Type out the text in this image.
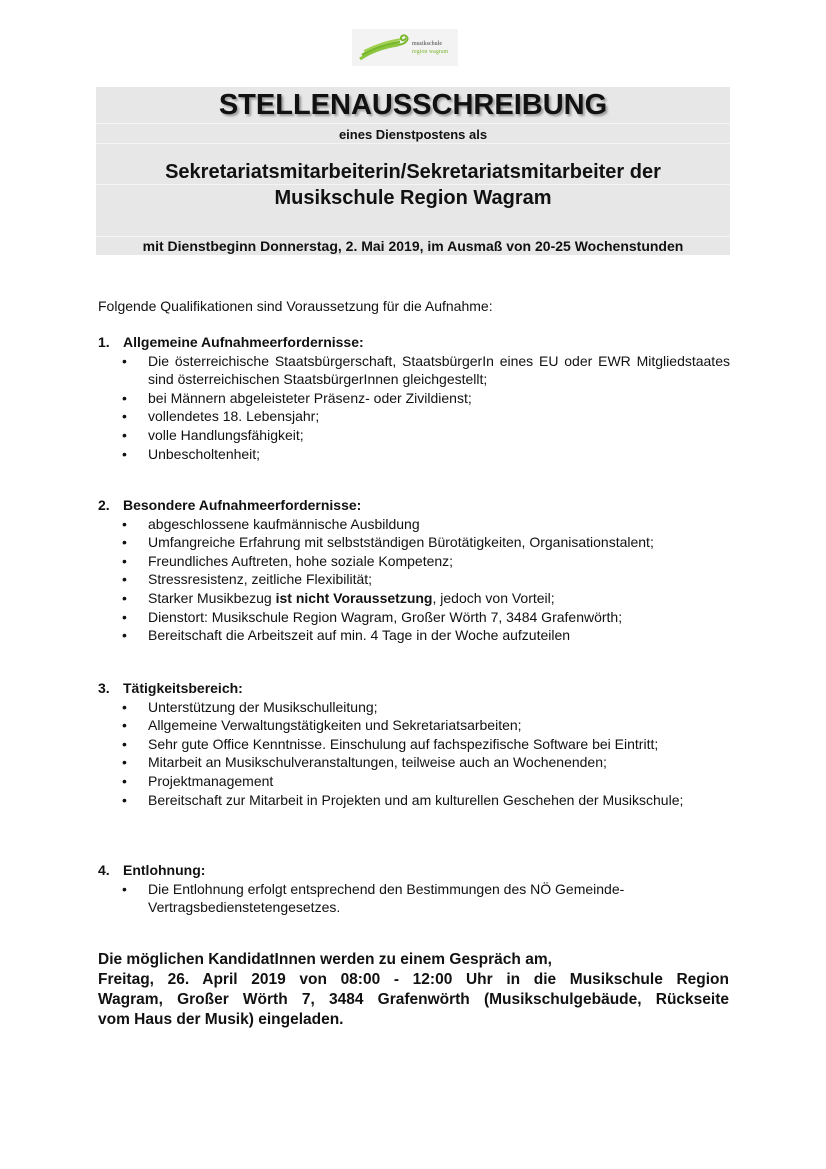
musikschule
region wagram
STELLENAUSSCHREIBUNG
eines Dienstpostens als
Sekretariatsmitarbeiterin/Sekretariatsmitarbeiter der
Musikschule Region Wagram
mit Dienstbeginn Donnerstag, 2. Mai 2019, im Ausmaß von 20-25 Wochenstunden
Folgende Qualifikationen sind Voraussetzung für die Aufnahme:
1. Allgemeine Aufnahmeerfordernisse:
• Die österreichische Staatsbürgerschaft, StaatsbürgerIn eines EU oder EWR Mitgliedstaates sind österreichischen StaatsbürgerInnen gleichgestellt;
• bei Männern abgeleisteter Präsenz- oder Zivildienst;
• vollendetes 18. Lebensjahr;
• volle Handlungsfähigkeit;
• Unbescholtenheit;
2. Besondere Aufnahmeerfordernisse:
• abgeschlossene kaufmännische Ausbildung
• Umfangreiche Erfahrung mit selbstständigen Bürotätigkeiten, Organisationstalent;
• Freundliches Auftreten, hohe soziale Kompetenz;
• Stressresistenz, zeitliche Flexibilität;
• Starker Musikbezug ist nicht Voraussetzung, jedoch von Vorteil;
• Dienstort: Musikschule Region Wagram, Großer Wörth 7, 3484 Grafenwörth;
• Bereitschaft die Arbeitszeit auf min. 4 Tage in der Woche aufzuteilen
3. Tätigkeitsbereich:
• Unterstützung der Musikschulleitung;
• Allgemeine Verwaltungstätigkeiten und Sekretariatsarbeiten;
• Sehr gute Office Kenntnisse. Einschulung auf fachspezifische Software bei Eintritt;
• Mitarbeit an Musikschulveranstaltungen, teilweise auch an Wochenenden;
• Projektmanagement
• Bereitschaft zur Mitarbeit in Projekten und am kulturellen Geschehen der Musikschule;
4. Entlohnung:
• Die Entlohnung erfolgt entsprechend den Bestimmungen des NÖ Gemeinde-Vertragsbedienstetengesetzes.
Die möglichen KandidatInnen werden zu einem Gespräch am,
Freitag, 26. April 2019 von 08:00 - 12:00 Uhr in die Musikschule Region
Wagram, Großer Wörth 7, 3484 Grafenwörth (Musikschulgebäude, Rückseite
vom Haus der Musik) eingeladen.
